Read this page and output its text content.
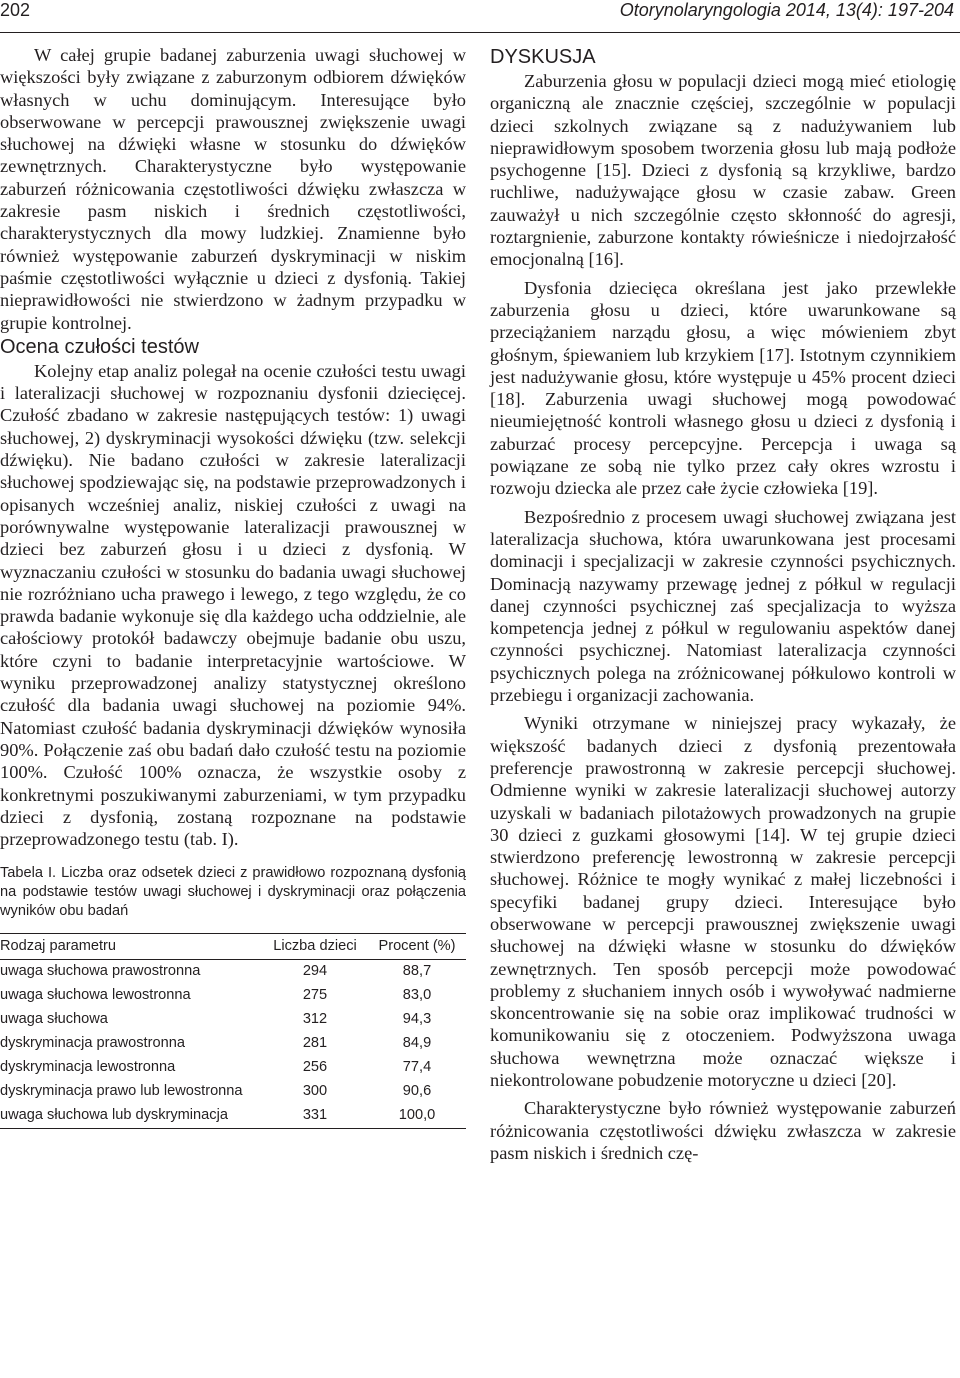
202	Otorynolaryngologia 2014, 13(4): 197-204

W całej grupie badanej zaburzenia uwagi słuchowej w większości były związane z zaburzonym odbiorem dźwięków własnych w uchu dominującym. Interesujące było obserwowane w percepcji prawousznej zwiększenie uwagi słuchowej na dźwięki własne w stosunku do dźwięków zewnętrznych. Charakterystyczne było występowanie zaburzeń różnicowania częstotliwości dźwięku zwłaszcza w zakresie pasm niskich i średnich częstotliwości, charakterystycznych dla mowy ludzkiej. Znamienne było również występowanie zaburzeń dyskryminacji w niskim paśmie częstotliwości wyłącznie u dzieci z dysfonią. Takiej nieprawidłowości nie stwierdzono w żadnym przypadku w grupie kontrolnej.

Ocena czułości testów

Kolejny etap analiz polegał na ocenie czułości testu uwagi i lateralizacji słuchowej w rozpoznaniu dysfonii dziecięcej. Czułość zbadano w zakresie następujących testów: 1) uwagi słuchowej, 2) dyskryminacji wysokości dźwięku (tzw. selekcji dźwięku). Nie badano czułości w zakresie lateralizacji słuchowej spodziewając się, na podstawie przeprowadzonych i opisanych wcześniej analiz, niskiej czułości z uwagi na porównywalne występowanie lateralizacji prawousznej w dzieci bez zaburzeń głosu i u dzieci z dysfonią. W wyznaczaniu czułości w stosunku do badania uwagi słuchowej nie rozróżniano ucha prawego i lewego, z tego względu, że co prawda badanie wykonuje się dla każdego ucha oddzielnie, ale całościowy protokół badawczy obejmuje badanie obu uszu, które czyni to badanie interpretacyjnie wartościowe. W wyniku przeprowadzonej analizy statystycznej określono czułość dla badania uwagi słuchowej na poziomie 94%. Natomiast czułość badania dyskryminacji dźwięków wynosiła 90%. Połączenie zaś obu badań dało czułość testu na poziomie 100%. Czułość 100% oznacza, że wszystkie osoby z konkretnymi poszukiwanymi zaburzeniami, w tym przypadku dzieci z dysfonią, zostaną rozpoznane na podstawie przeprowadzonego testu (tab. I).

Tabela I. Liczba oraz odsetek dzieci z prawidłowo rozpoznaną dysfonią na podstawie testów uwagi słuchowej i dyskryminacji oraz połączenia wyników obu badań
Rodzaj parametru	Liczba dzieci	Procent (%)
uwaga słuchowa prawostronna	294	88,7
uwaga słuchowa lewostronna	275	83,0
uwaga słuchowa	312	94,3
dyskryminacja prawostronna	281	84,9
dyskryminacja lewostronna	256	77,4
dyskryminacja prawo lub lewostronna	300	90,6
uwaga słuchowa lub dyskryminacja	331	100,0
DYSKUSJA

Zaburzenia głosu w populacji dzieci mogą mieć etiologię organiczną ale znacznie częściej, szczególnie w populacji dzieci szkolnych związane są z nadużywaniem lub nieprawidłowym sposobem tworzenia głosu lub mają podłoże psychogenne [15]. Dzieci z dysfonią są krzykliwe, bardzo ruchliwe, nadużywające głosu w czasie zabaw. Green zauważył u nich szczególnie często skłonność do agresji, roztargnienie, zaburzone kontakty rówieśnicze i niedojrzałość emocjonalną [16].

Dysfonia dziecięca określana jest jako przewlekłe zaburzenia głosu u dzieci, które uwarunkowane są przeciążaniem narządu głosu, a więc mówieniem zbyt głośnym, śpiewaniem lub krzykiem [17]. Istotnym czynnikiem jest nadużywanie głosu, które występuje u 45% procent dzieci [18]. Zaburzenia uwagi słuchowej mogą powodować nieumiejętność kontroli własnego głosu u dzieci z dysfonią i zaburzać procesy percepcyjne. Percepcja i uwaga są powiązane ze sobą nie tylko przez cały okres wzrostu i rozwoju dziecka ale przez całe życie człowieka [19].

Bezpośrednio z procesem uwagi słuchowej związana jest lateralizacja słuchowa, która uwarunkowana jest procesami dominacji i specjalizacji w zakresie czynności psychicznych. Dominacją nazywamy przewagę jednej z półkul w regulacji danej czynności psychicznej zaś specjalizacja to wyższa kompetencja jednej z półkul w regulowaniu aspektów danej czynności psychicznej. Natomiast lateralizacja czynności psychicznych polega na zróżnicowanej półkulowo kontroli w przebiegu i organizacji zachowania.

Wyniki otrzymane w niniejszej pracy wykazały, że większość badanych dzieci z dysfonią prezentowała preferencje prawostronną w zakresie percepcji słuchowej. Odmienne wyniki w zakresie lateralizacji słuchowej autorzy uzyskali w badaniach pilotażowych prowadzonych na grupie 30 dzieci z guzkami głosowymi [14]. W tej grupie dzieci stwierdzono preferencję lewostronną w zakresie percepcji słuchowej. Różnice te mogły wynikać z małej liczebności i specyfiki badanej grupy dzieci. Interesujące było obserwowane w percepcji prawousznej zwiększenie uwagi słuchowej na dźwięki własne w stosunku do dźwięków zewnętrznych. Ten sposób percepcji może powodować problemy z słuchaniem innych osób i wywoływać nadmierne skoncentrowanie się na sobie oraz implikować trudności w komunikowaniu się z otoczeniem. Podwyższona uwaga słuchowa wewnętrzna może oznaczać większe i niekontrolowane pobudzenie motoryczne u dzieci [20].

Charakterystyczne było również występowanie zaburzeń różnicowania częstotliwości dźwięku zwłaszcza w zakresie pasm niskich i średnich czę-
